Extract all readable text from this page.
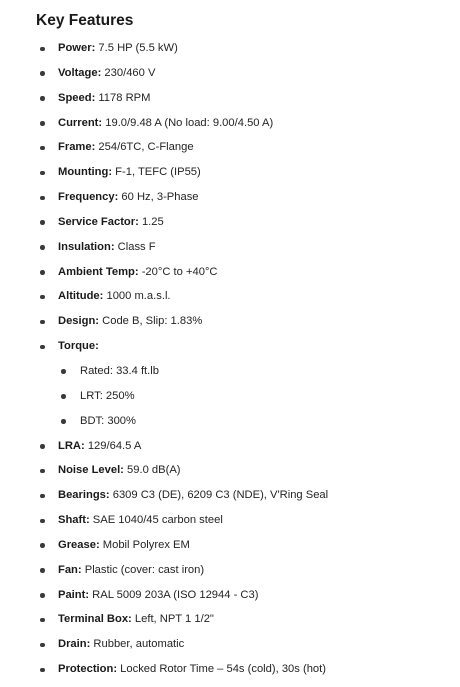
Key Features
Power: 7.5 HP (5.5 kW)
Voltage: 230/460 V
Speed: 1178 RPM
Current: 19.0/9.48 A (No load: 9.00/4.50 A)
Frame: 254/6TC, C-Flange
Mounting: F-1, TEFC (IP55)
Frequency: 60 Hz, 3-Phase
Service Factor: 1.25
Insulation: Class F
Ambient Temp: -20°C to +40°C
Altitude: 1000 m.a.s.l.
Design: Code B, Slip: 1.83%
Torque:
Rated: 33.4 ft.lb
LRT: 250%
BDT: 300%
LRA: 129/64.5 A
Noise Level: 59.0 dB(A)
Bearings: 6309 C3 (DE), 6209 C3 (NDE), V'Ring Seal
Shaft: SAE 1040/45 carbon steel
Grease: Mobil Polyrex EM
Fan: Plastic (cover: cast iron)
Paint: RAL 5009 203A (ISO 12944 - C3)
Terminal Box: Left, NPT 1 1/2"
Drain: Rubber, automatic
Protection: Locked Rotor Time – 54s (cold), 30s (hot)
